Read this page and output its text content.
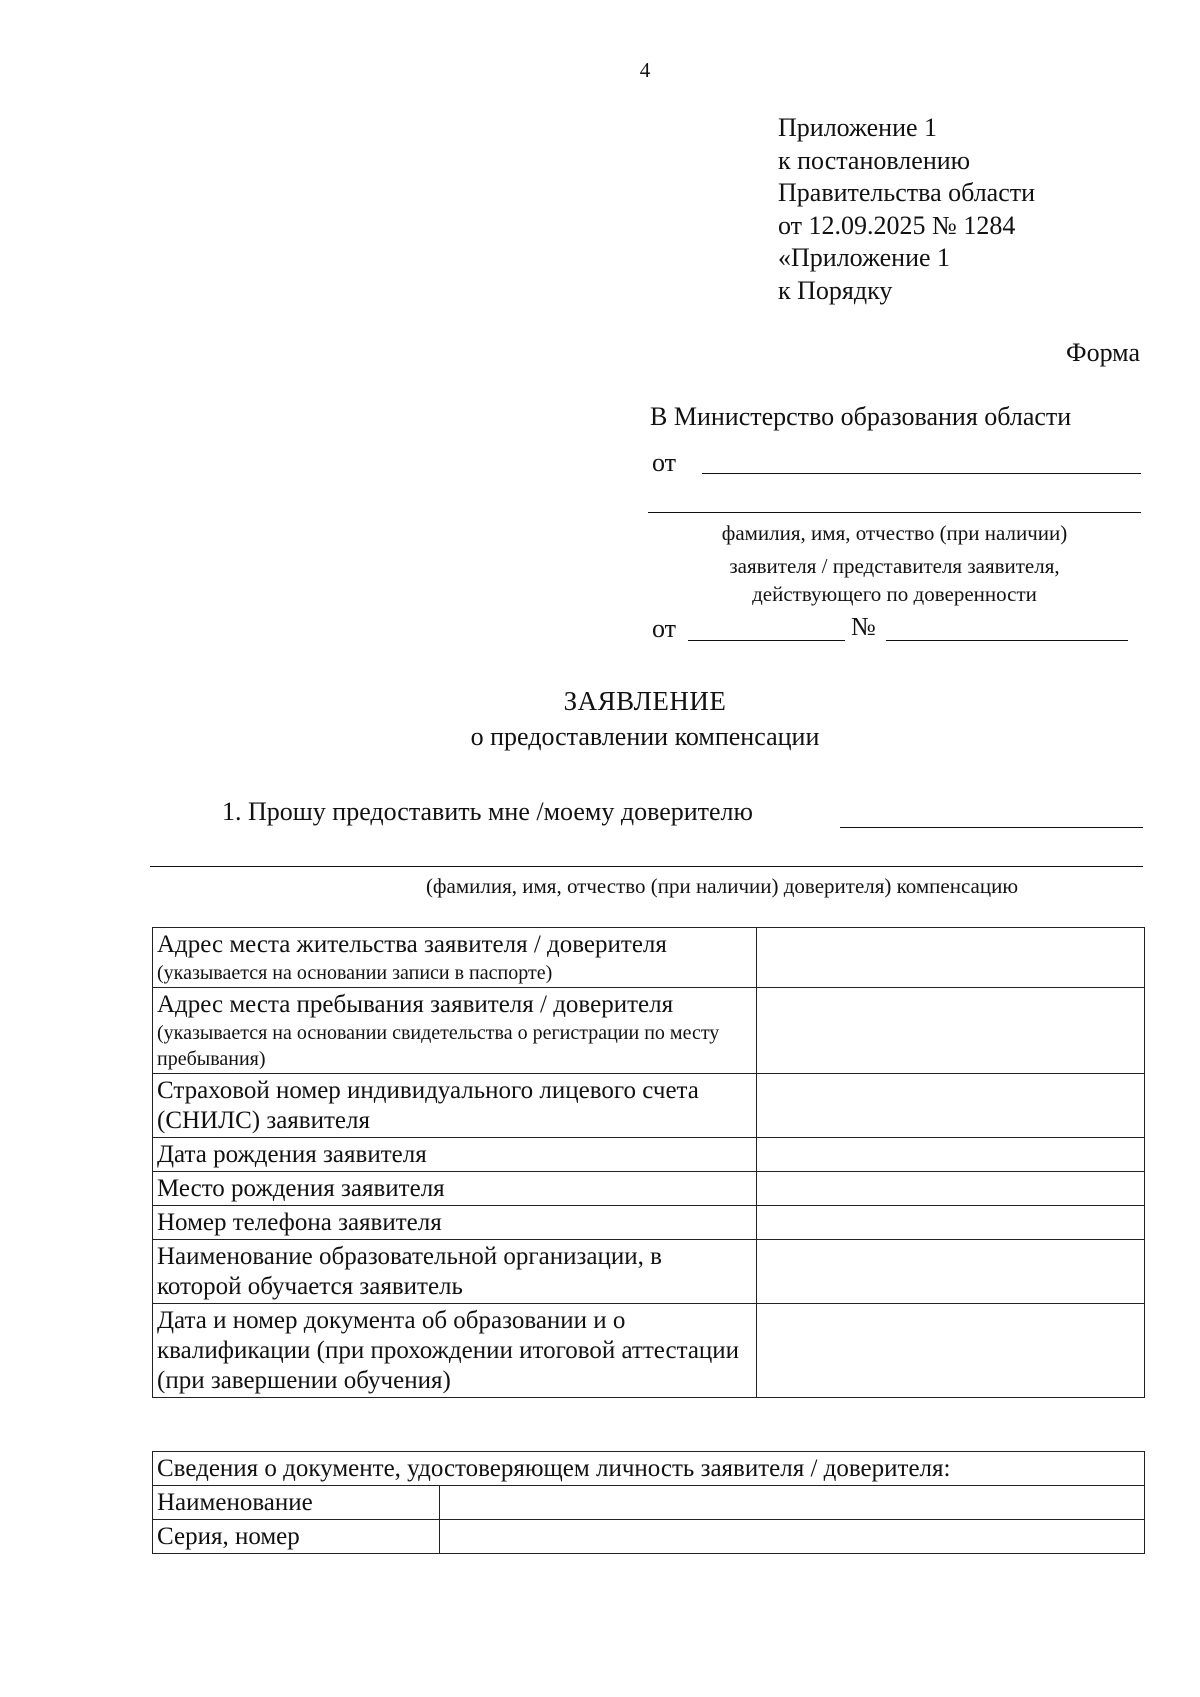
4
Приложение 1
к постановлению
Правительства области
от 12.09.2025 № 1284
«Приложение 1
к Порядку
Форма
В Министерство образования области
от
фамилия, имя, отчество (при наличии)
заявителя / представителя заявителя,
действующего по доверенности
от	№
ЗАЯВЛЕНИЕ
о предоставлении компенсации
1. Прошу предоставить мне /моему доверителю
(фамилия, имя, отчество (при наличии) доверителя) компенсацию
Адрес места жительства заявителя / доверителя
(указывается на основании записи в паспорте)	

Адрес места пребывания заявителя / доверителя
(указывается на основании свидетельства о регистрации по месту пребывания)	

Страховой номер индивидуального лицевого счета (СНИЛС) заявителя	
Дата рождения заявителя	
Место рождения заявителя	
Номер телефона заявителя	
Наименование образовательной организации, в которой обучается заявитель	
Дата и номер документа об образовании и о квалификации (при прохождении итоговой аттестации (при завершении обучения)	
Сведения о документе, удостоверяющем личность заявителя / доверителя:	
Наименование	
Серия, номер	
